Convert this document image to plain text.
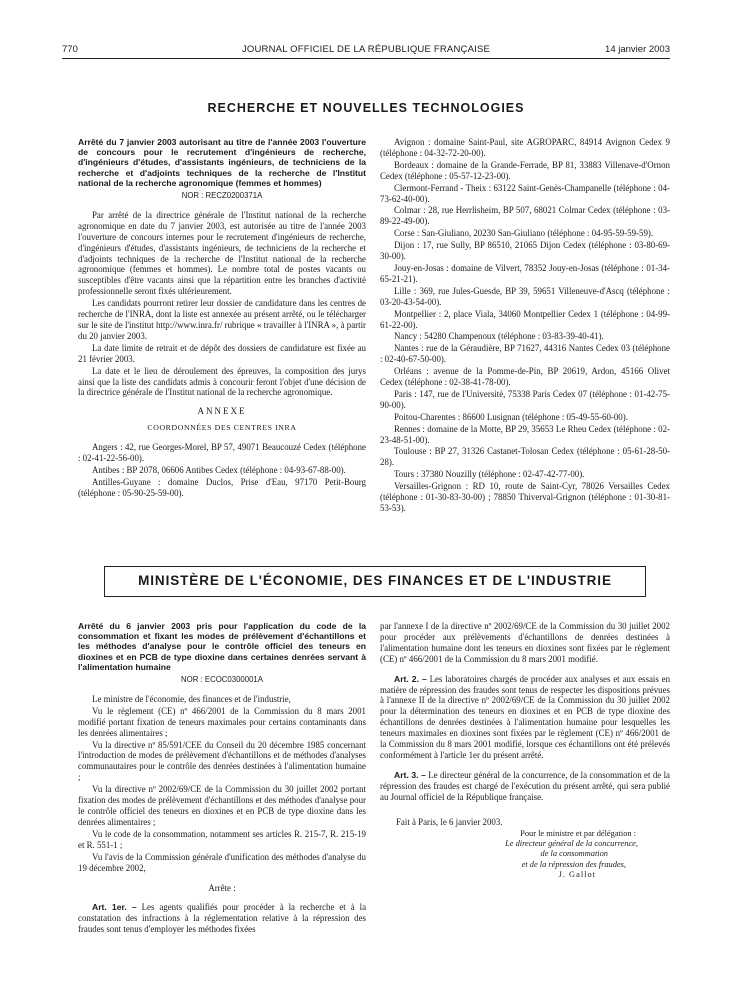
770	JOURNAL OFFICIEL DE LA RÉPUBLIQUE FRANÇAISE	14 janvier 2003
RECHERCHE ET NOUVELLES TECHNOLOGIES
Arrêté du 7 janvier 2003 autorisant au titre de l'année 2003 l'ouverture de concours pour le recrutement d'ingénieurs de recherche, d'ingénieurs d'études, d'assistants ingénieurs, de techniciens de la recherche et d'adjoints techniques de la recherche de l'Institut national de la recherche agronomique (femmes et hommes)
NOR : RECZ0200371A

Par arrêté de la directrice générale de l'Institut national de la recherche agronomique en date du 7 janvier 2003, est autorisée au titre de l'année 2003 l'ouverture de concours internes pour le recrutement d'ingénieurs de recherche, d'ingénieurs d'études, d'assistants ingénieurs, de techniciens de la recherche et d'adjoints techniques de la recherche de l'Institut national de la recherche agronomique (femmes et hommes). Le nombre total de postes vacants ou susceptibles d'être vacants ainsi que la répartition entre les branches d'activité professionnelle seront fixés ultérieurement.

Les candidats pourront retirer leur dossier de candidature dans les centres de recherche de l'INRA, dont la liste est annexée au présent arrêté, ou le télécharger sur le site de l'institut http://www.inra.fr/ rubrique « travailler à l'INRA », à partir du 20 janvier 2003.

La date limite de retrait et de dépôt des dossiers de candidature est fixée au 21 février 2003.

La date et le lieu de déroulement des épreuves, la composition des jurys ainsi que la liste des candidats admis à concourir feront l'objet d'une décision de la directrice générale de l'Institut national de la recherche agronomique.

ANNEXE
COORDONNÉES DES CENTRES INRA

Angers : 42, rue Georges-Morel, BP 57, 49071 Beaucouzé Cedex (téléphone : 02-41-22-56-00).

Antibes : BP 2078, 06606 Antibes Cedex (téléphone : 04-93-67-88-00).

Antilles-Guyane : domaine Duclos, Prise d'Eau, 97170 Petit-Bourg (téléphone : 05-90-25-59-00).

Avignon : domaine Saint-Paul, site AGROPARC, 84914 Avignon Cedex 9 (téléphone : 04-32-72-20-00).

Bordeaux : domaine de la Grande-Ferrade, BP 81, 33883 Villenave-d'Ornon Cedex (téléphone : 05-57-12-23-00).

Clermont-Ferrand - Theix : 63122 Saint-Genès-Champanelle (téléphone : 04-73-62-40-00).

Colmar : 28, rue Herrlisheim, BP 507, 68021 Colmar Cedex (téléphone : 03-89-22-49-00).

Corse : San-Giuliano, 20230 San-Giuliano (téléphone : 04-95-59-59-59).

Dijon : 17, rue Sully, BP 86510, 21065 Dijon Cedex (téléphone : 03-80-69-30-00).

Jouy-en-Josas : domaine de Vilvert, 78352 Jouy-en-Josas (téléphone : 01-34-65-21-21).

Lille : 369, rue Jules-Guesde, BP 39, 59651 Villeneuve-d'Ascq (téléphone : 03-20-43-54-00).

Montpellier : 2, place Viala, 34060 Montpellier Cedex 1 (téléphone : 04-99-61-22-00).

Nancy : 54280 Champenoux (téléphone : 03-83-39-40-41).

Nantes : rue de la Géraudière, BP 71627, 44316 Nantes Cedex 03 (téléphone : 02-40-67-50-00).

Orléans : avenue de la Pomme-de-Pin, BP 20619, Ardon, 45166 Olivet Cedex (téléphone : 02-38-41-78-00).

Paris : 147, rue de l'Université, 75338 Paris Cedex 07 (téléphone : 01-42-75-90-00).

Poitou-Charentes : 86600 Lusignan (téléphone : 05-49-55-60-00).

Rennes : domaine de la Motte, BP 29, 35653 Le Rheu Cedex (téléphone : 02-23-48-51-00).

Toulouse : BP 27, 31326 Castanet-Tolosan Cedex (téléphone : 05-61-28-50-28).

Tours : 37380 Nouzilly (téléphone : 02-47-42-77-00).

Versailles-Grignon : RD 10, route de Saint-Cyr, 78026 Versailles Cedex (téléphone : 01-30-83-30-00) ; 78850 Thiverval-Grignon (téléphone : 01-30-81-53-53).

MINISTÈRE DE L'ÉCONOMIE, DES FINANCES ET DE L'INDUSTRIE
Arrêté du 6 janvier 2003 pris pour l'application du code de la consommation et fixant les modes de prélèvement d'échantillons et les méthodes d'analyse pour le contrôle officiel des teneurs en dioxines et en PCB de type dioxine dans certaines denrées servant à l'alimentation humaine
NOR : ECOC0300001A

Le ministre de l'économie, des finances et de l'industrie,

Vu le règlement (CE) nº 466/2001 de la Commission du 8 mars 2001 modifié portant fixation de teneurs maximales pour certains contaminants dans les denrées alimentaires ;

Vu la directive nº 85/591/CEE du Conseil du 20 décembre 1985 concernant l'introduction de modes de prélèvement d'échantillons et de méthodes d'analyses communautaires pour le contrôle des denrées destinées à l'alimentation humaine ;

Vu la directive nº 2002/69/CE de la Commission du 30 juillet 2002 portant fixation des modes de prélèvement d'échantillons et des méthodes d'analyse pour le contrôle officiel des teneurs en dioxines et en PCB de type dioxine dans les denrées alimentaires ;

Vu le code de la consommation, notamment ses articles R. 215-7, R. 215-19 et R. 551-1 ;

Vu l'avis de la Commission générale d'unification des méthodes d'analyse du 19 décembre 2002,

Arrête :

Art. 1er. – Les agents qualifiés pour procéder à la recherche et à la constatation des infractions à la réglementation relative à la répression des fraudes sont tenus d'employer les méthodes fixées

par l'annexe I de la directive nº 2002/69/CE de la Commission du 30 juillet 2002 pour procéder aux prélèvements d'échantillons de denrées destinées à l'alimentation humaine dont les teneurs en dioxines sont fixées par le règlement (CE) nº 466/2001 de la Commission du 8 mars 2001 modifié.

Art. 2. – Les laboratoires chargés de procéder aux analyses et aux essais en matière de répression des fraudes sont tenus de respecter les dispositions prévues à l'annexe II de la directive nº 2002/69/CE de la Commission du 30 juillet 2002 pour la détermination des teneurs en dioxines et en PCB de type dioxine des échantillons de denrées destinées à l'alimentation humaine pour lesquelles les teneurs maximales en dioxines sont fixées par le règlement (CE) nº 466/2001 de la Commission du 8 mars 2001 modifié, lorsque ces échantillons ont été prélevés conformément à l'article 1er du présent arrêté.

Art. 3. – Le directeur général de la concurrence, de la consommation et de la répression des fraudes est chargé de l'exécution du présent arrêté, qui sera publié au Journal officiel de la République française.

Fait à Paris, le 6 janvier 2003.

Pour le ministre et par délégation :
Le directeur général de la concurrence,
de la consommation
et de la répression des fraudes,
J. Gallot
